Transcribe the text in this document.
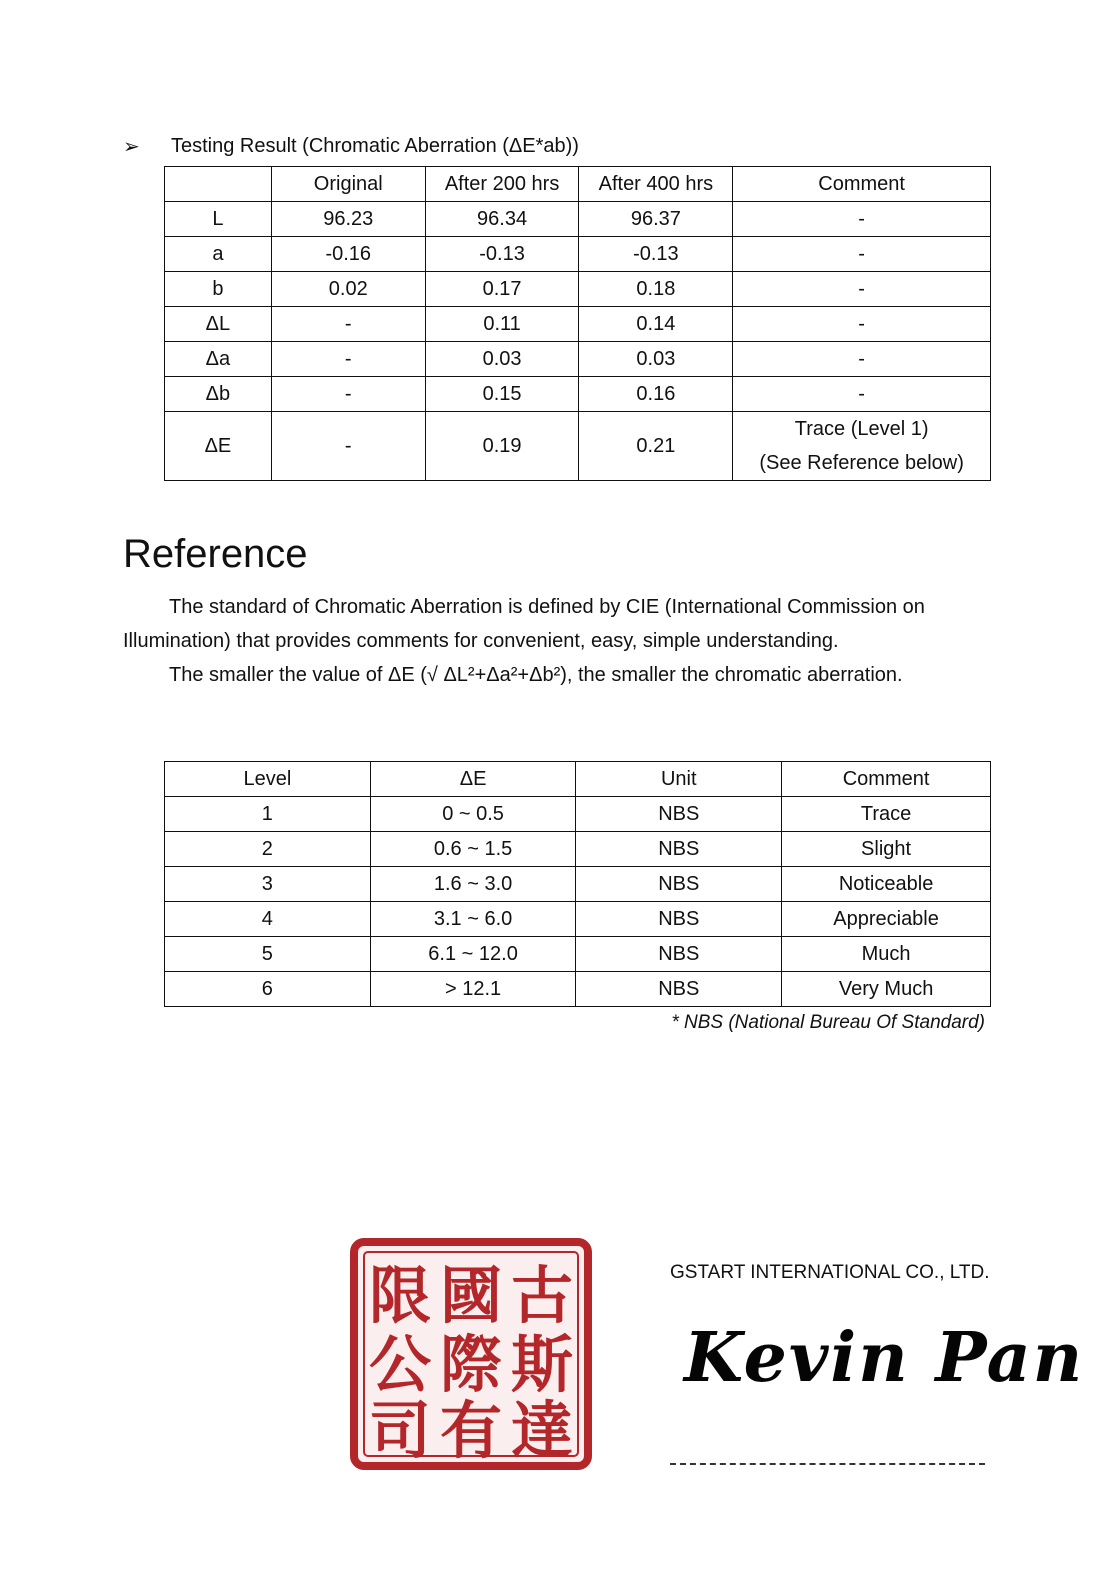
➢	Testing Result (Chromatic Aberration (ΔE*ab))
	Original	After 200 hrs	After 400 hrs	Comment
L	96.23	96.34	96.37	-
a	-0.16	-0.13	-0.13	-
b	0.02	0.17	0.18	-
ΔL	-	0.11	0.14	-
Δa	-	0.03	0.03	-
Δb	-	0.15	0.16	-
ΔE	-	0.19	0.21	Trace (Level 1)
(See Reference below)
Reference

The standard of Chromatic Aberration is defined by CIE (International Commission on Illumination) that provides comments for convenient, easy, simple understanding.

The smaller the value of ΔE (√ ΔL²+Δa²+Δb²), the smaller the chromatic aberration.

Level	ΔE	Unit	Comment
1	0 ~ 0.5	NBS	Trace
2	0.6 ~ 1.5	NBS	Slight
3	1.6 ~ 3.0	NBS	Noticeable
4	3.1 ~ 6.0	NBS	Appreciable
5	6.1 ~ 12.0	NBS	Much
6	> 12.1	NBS	Very Much
* NBS (National Bureau Of Standard)
限 國 古
公 際 斯
司 有 達
GSTART INTERNATIONAL CO., LTD.
Kevin Pan
